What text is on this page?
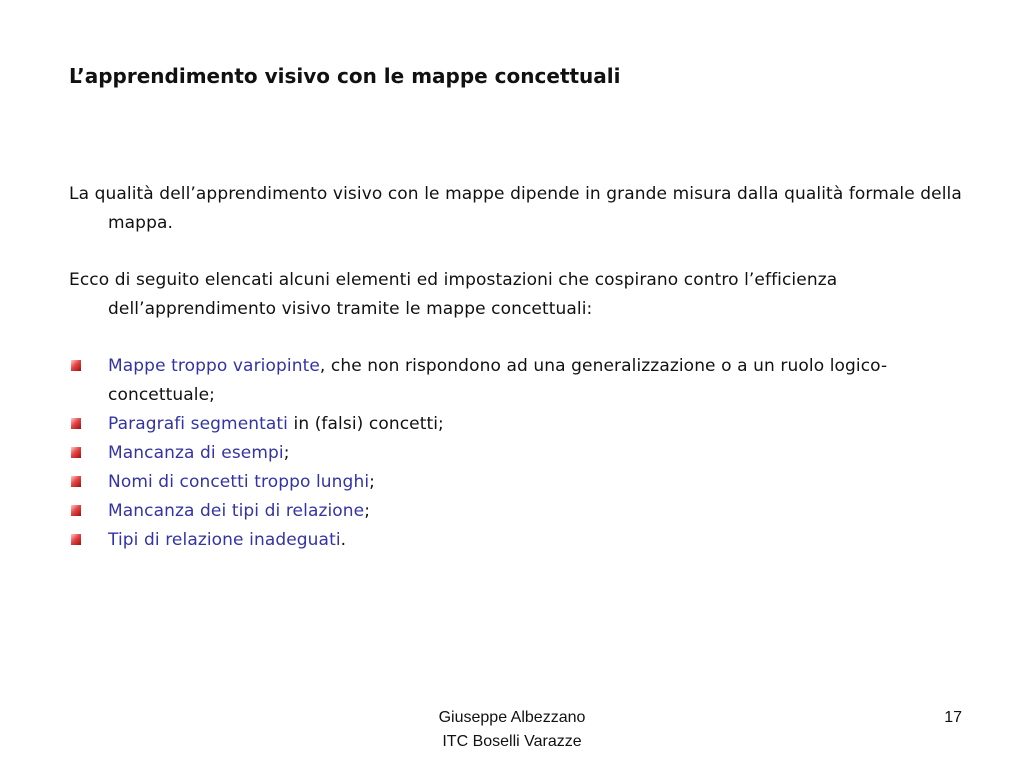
L’apprendimento visivo con le mappe concettuali

La qualità dell’apprendimento visivo con le mappe dipende in grande misura dalla qualità formale della mappa.

Ecco di seguito elencati alcuni elementi ed impostazioni che cospirano contro l’efficienza dell’apprendimento visivo tramite le mappe concettuali:

Mappe troppo variopinte, che non rispondono ad una generalizzazione o a un ruolo logico-concettuale;
Paragrafi segmentati in (falsi) concetti;
Mancanza di esempi;
Nomi di concetti troppo lunghi;
Mancanza dei tipi di relazione;
Tipi di relazione inadeguati.
Giuseppe Albezzano
ITC Boselli Varazze
17
